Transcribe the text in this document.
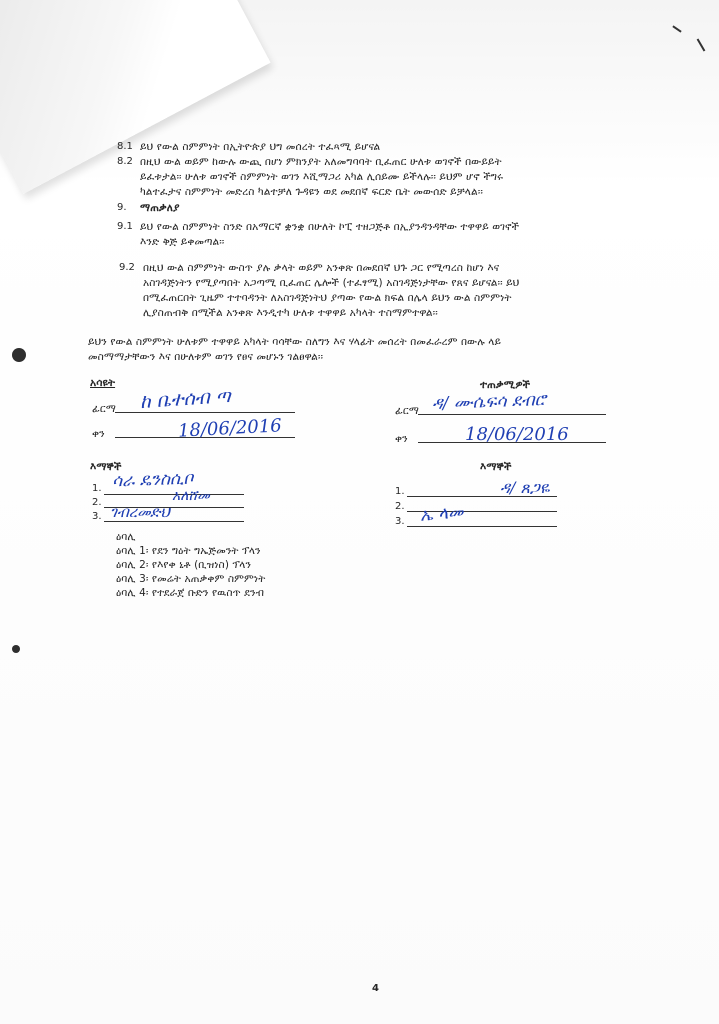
8.1 ይህ የውል ስምምነት በኢትዮጵያ ህግ መሰረት ተፈጻሚ ይሆናል
8.2 በዚህ ውል ወይም ከውሉ ውጪ በሆነ ምክንያት አለመግባባት ቢፈጠር ሁለቱ ወገኖች በውይይት
ይፈቱታል፡፡ ሁለቱ ወገኖች ስምምነት ወገን እሺማጋሪ አካል ሊሰይሙ ይችላሉ፡፡ ይህም ሆኖ ችግሩ
ካልተፈታና ስምምነት መድረስ ካልተቻለ ጉዳዩን ወደ መደበኛ ፍርድ ቤት መውሰድ ይቻላል፡፡
9. ማጠቃለያ
9.1 ይህ የውል ስምምነት ስንድ በአማርኛ ቋንቋ በሁለት ኮፒ ተዘጋጅቶ በኢያንዳንዳቸው ተዋዋይ ወገኖች
እንድ ቅጅ ይቀመጣል፡፡
9.2 በዚህ ውል ስምምነት ውስጥ ያሉ ቃላት ወይም አንቀጽ በመደበኛ ህጉ ጋር የሚጣረስ ከሆነ እና
አስገዳጅነትን የሚያጣበት አጋጣሚ ቢፈጠር ሌሎች (ተፈፃሚ) አስገዳጅነታቸው የጸና ይሆናል፡፡ ይህ
በሚፈጠርበት ጊዜም ተተባዳንት ለአስገዳጅነትህ ያጣው የውል ክፍል በሌላ ይህን ውል ስምምነት
ሊያስጠብቅ በሚችል አንቀጽ እንዲተካ ሁለቱ ተዋዋይ አካላት ተስማምተዋል፡፡
ይህን የውል ስምምነት ሁለቱም ተዋዋይ አካላት ባሳቸው ስለግን እና ሃላፊት መሰረት በመፈራረም በውሉ ላይ
መስማማታቸውን እና በሁለቱም ወገን የፀና መሆኑን ገልፀዋል፡፡
አሳዩት
ፊርማ ከ ቤተሰብ ጣ
ቀን	18/06/2016
ተጠቃሚዎች
ፊርማ ዳ/ ሙሴፍሳ ደብሮ
ቀን	18/06/2016
እማኞች
1. ሳራ ዴንስሲቦ
2.	አለሸመ
3. ገብረመድህ
እማኞች
1.	ዳ/ ጸጋዬ
2.
3. ኤ ላመ
ዕባሊ
ዕባሊ 1፡ የደን ግዕት ግኤጅመንት ፕላን
ዕባሊ 2፡ የእየቀ ኒቶ (ቢዝነስ) ፕላን
ዕባሊ 3፡ የመሬት አጠቃቀም ስምምነት
ዕባሊ 4፡ የተደራጀ ቡድን የዉስጥ ደንብ
4
